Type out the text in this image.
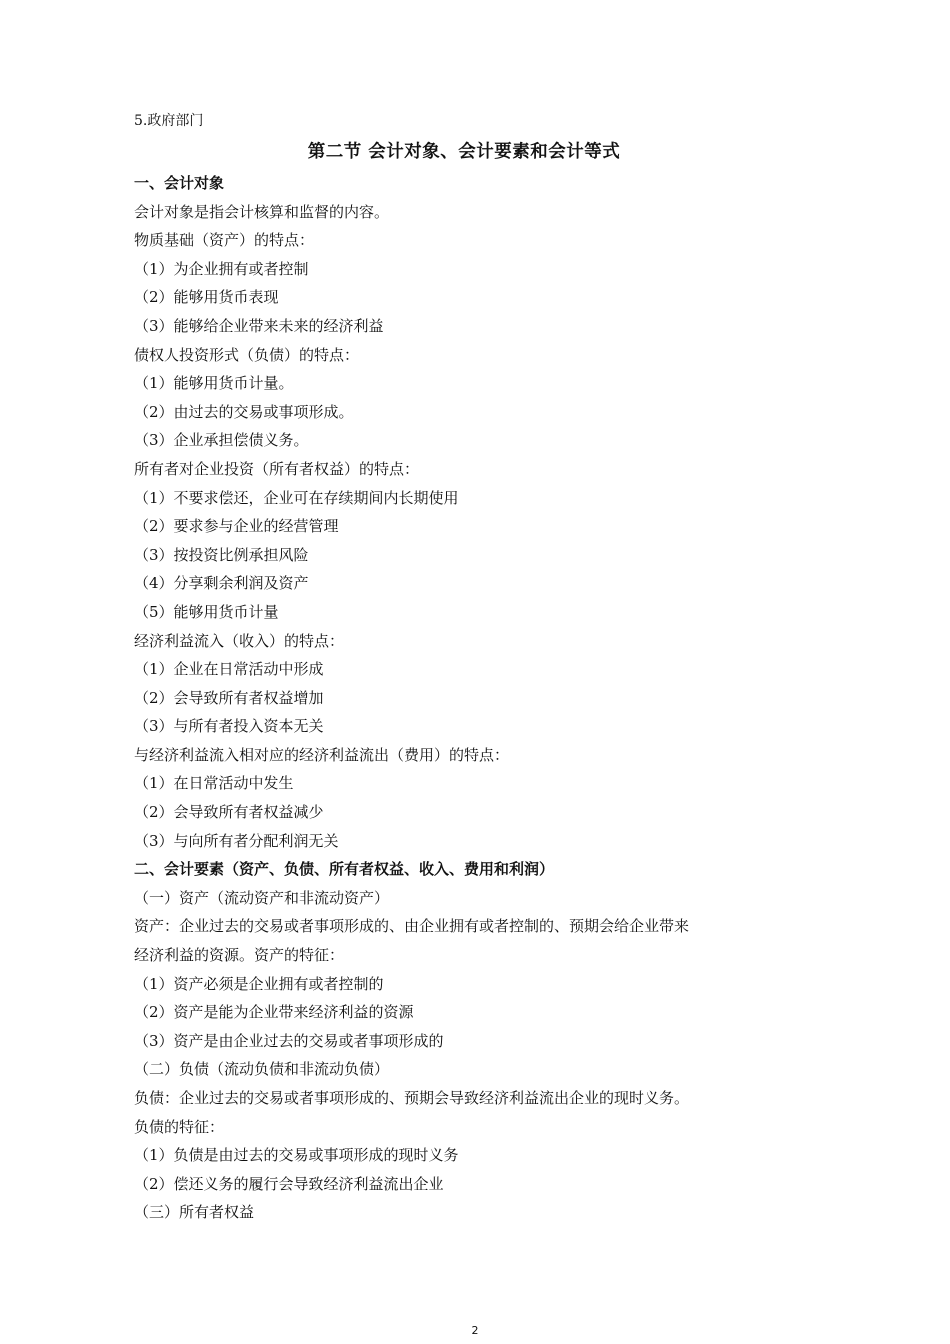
5.政府部门
第二节 会计对象、会计要素和会计等式
一、会计对象
会计对象是指会计核算和监督的内容。
物质基础（资产）的特点：
（1）为企业拥有或者控制
（2）能够用货币表现
（3）能够给企业带来未来的经济利益
债权人投资形式（负债）的特点：
（1）能够用货币计量。
（2）由过去的交易或事项形成。
（3）企业承担偿债义务。
所有者对企业投资（所有者权益）的特点：
（1）不要求偿还，企业可在存续期间内长期使用
（2）要求参与企业的经营管理
（3）按投资比例承担风险
（4）分享剩余利润及资产
（5）能够用货币计量
经济利益流入（收入）的特点：
（1）企业在日常活动中形成
（2）会导致所有者权益增加
（3）与所有者投入资本无关
与经济利益流入相对应的经济利益流出（费用）的特点：
（1）在日常活动中发生
（2）会导致所有者权益减少
（3）与向所有者分配利润无关
二、会计要素（资产、负债、所有者权益、收入、费用和利润）
（一）资产（流动资产和非流动资产）
资产：企业过去的交易或者事项形成的、由企业拥有或者控制的、预期会给企业带来
经济利益的资源。资产的特征：
（1）资产必须是企业拥有或者控制的
（2）资产是能为企业带来经济利益的资源
（3）资产是由企业过去的交易或者事项形成的
（二）负债（流动负债和非流动负债）
负债：企业过去的交易或者事项形成的、预期会导致经济利益流出企业的现时义务。
负债的特征：
（1）负债是由过去的交易或事项形成的现时义务
（2）偿还义务的履行会导致经济利益流出企业
（三）所有者权益
2
